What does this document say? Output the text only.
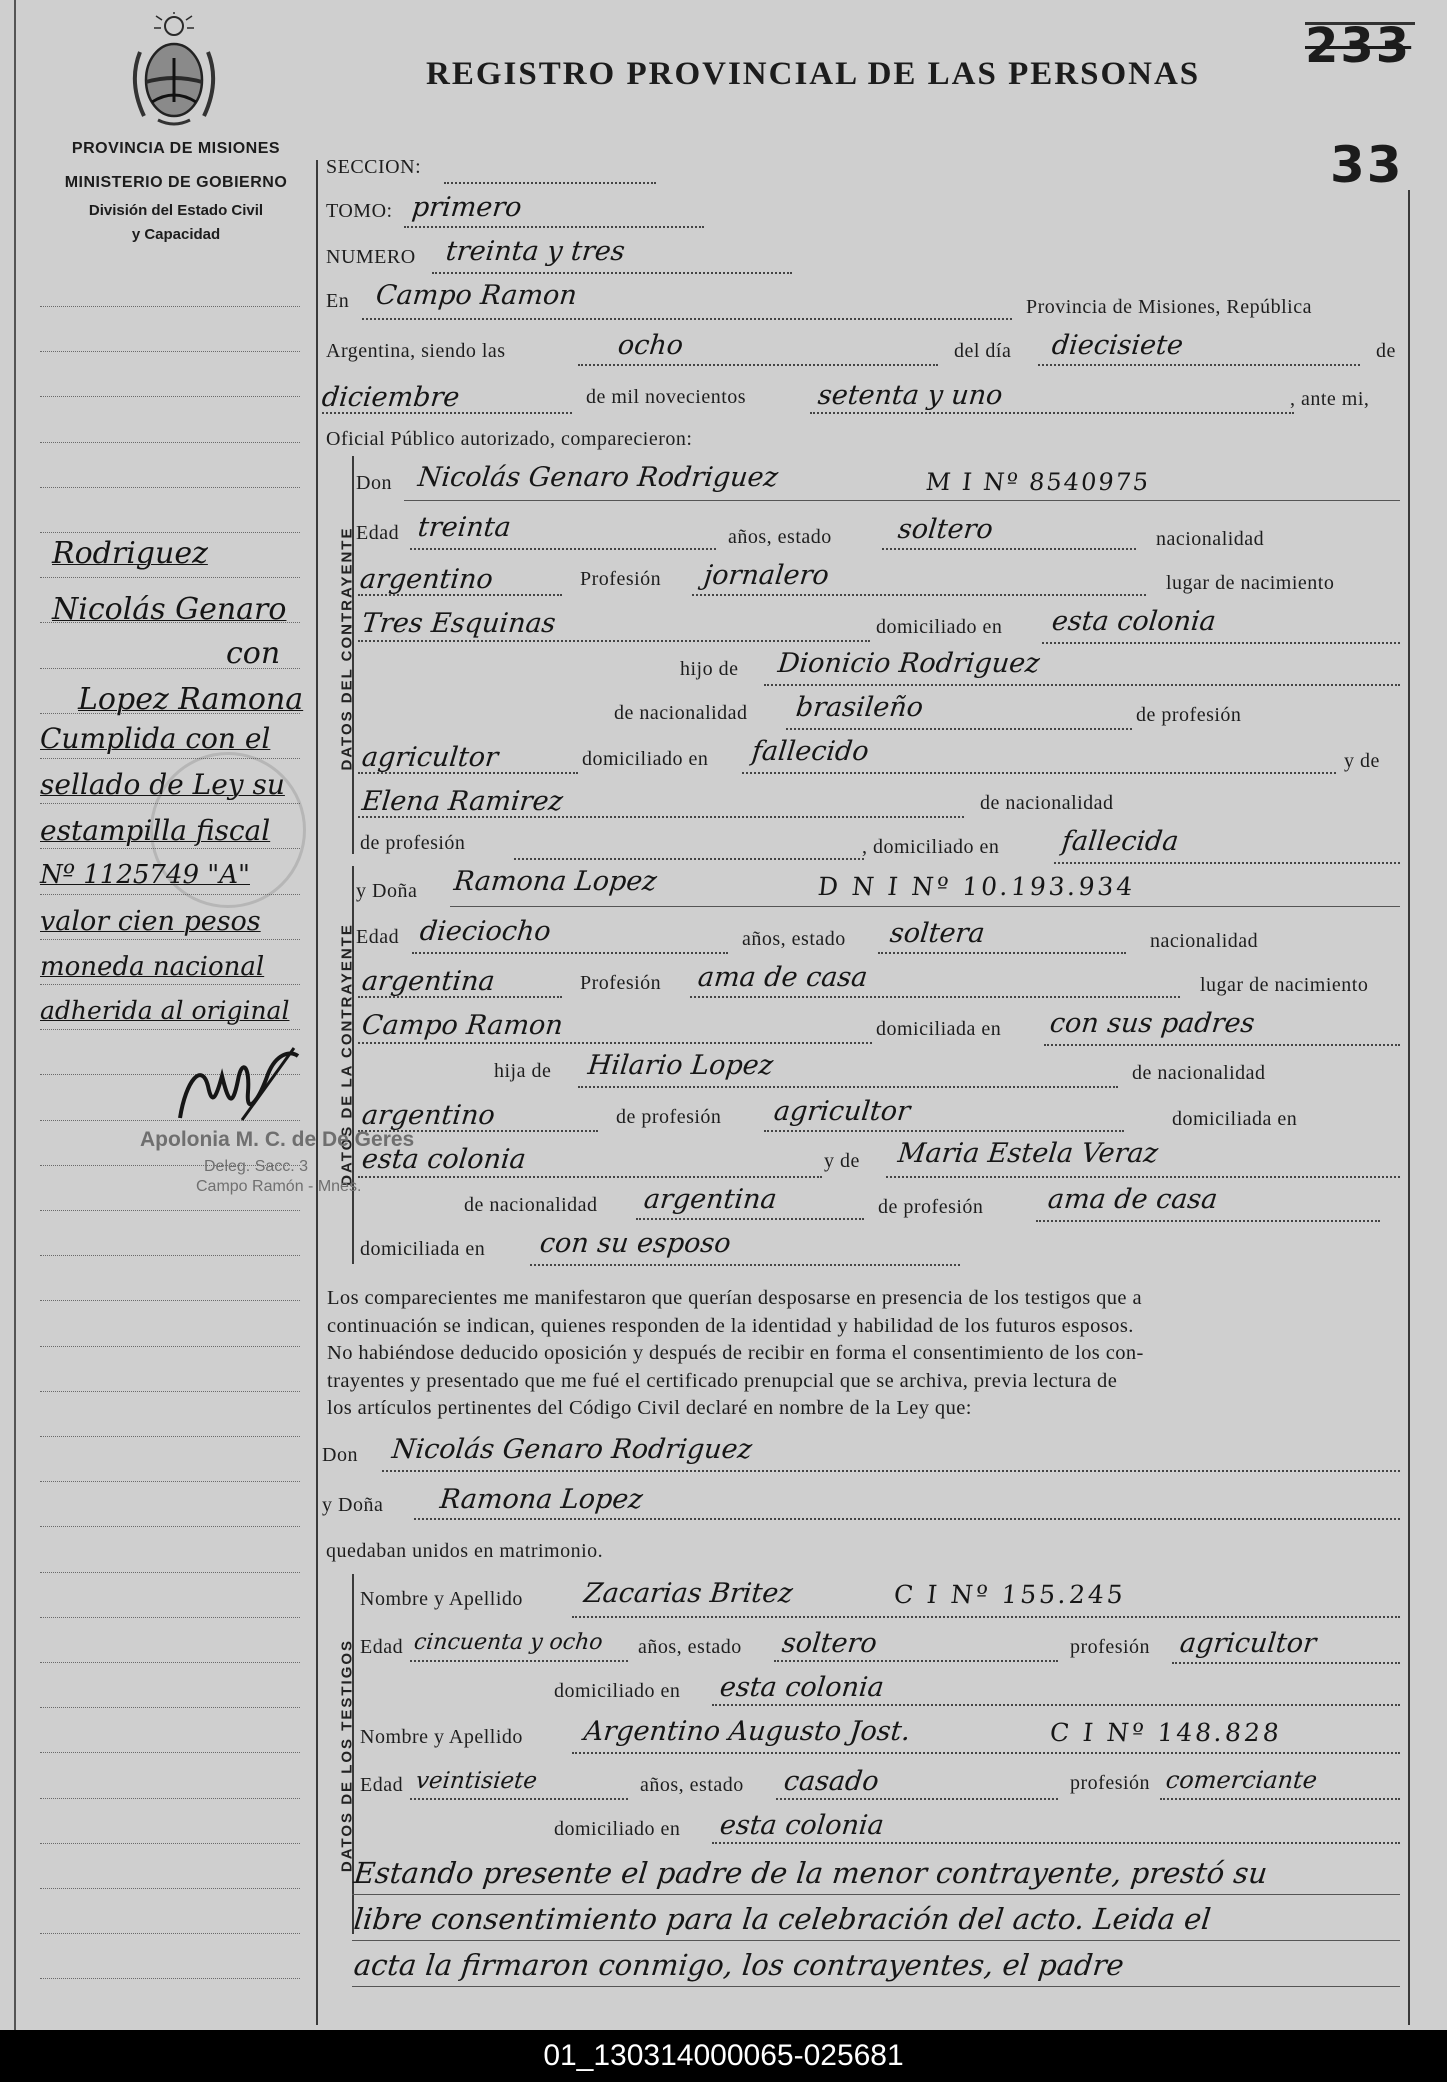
PROVINCIA DE MISIONES
MINISTERIO DE GOBIERNO
División del Estado Civil
y Capacidad
REGISTRO PROVINCIAL DE LAS PERSONAS 233
33
SECCION:
TOMO: primero
NUMERO treinta y tres
En Campo Ramon	Provincia de Misiones, República
Argentina, siendo las	ocho	del día diecisiete	de
diciembre	de mil novecientos	setenta y uno	, ante mi,
Oficial Público autorizado, comparecieron:
DATOS DEL CONTRAYENTE
Don Nicolás Genaro Rodriguez	M I Nº 8540975
Edad treinta	años, estado soltero	nacionalidad
argentino	Profesión jornalero	lugar de nacimiento
Tres Esquinas	domiciliado en esta colonia
hijo de Dionicio Rodriguez
de nacionalidad brasileño	de profesión
agricultor	domiciliado en fallecido	y de
Elena Ramirez	de nacionalidad
de profesión	, domiciliado en fallecida
DATOS DE LA CONTRAYENTE
y Doña Ramona Lopez	D N I Nº 10.193.934
Edad dieciocho	años, estado soltera	nacionalidad
argentina	Profesión ama de casa	lugar de nacimiento
Campo Ramon	domiciliada en con sus padres
hija de Hilario Lopez	de nacionalidad
argentino	de profesión agricultor	domiciliada en
esta colonia	y de Maria Estela Veraz
de nacionalidad argentina	de profesión ama de casa
domiciliada en con su esposo
Los comparecientes me manifestaron que querían desposarse en presencia de los testigos que a
continuación se indican, quienes responden de la identidad y habilidad de los futuros esposos.
No habiéndose deducido oposición y después de recibir en forma el consentimiento de los con-
trayentes y presentado que me fué el certificado prenupcial que se archiva, previa lectura de
los artículos pertinentes del Código Civil declaré en nombre de la Ley que:
Don Nicolás Genaro Rodriguez
y Doña Ramona Lopez
quedaban unidos en matrimonio.
DATOS DE LOS TESTIGOS
Nombre y Apellido Zacarias Britez	C I Nº 155.245
Edad cincuenta y ocho años, estado soltero	profesión agricultor
domiciliado en esta colonia
Nombre y Apellido Argentino Augusto Jost.	C I Nº 148.828
Edad veintisiete	años, estado casado	profesión comerciante
domiciliado en esta colonia
Estando presente el padre de la menor contrayente, prestó su
libre consentimiento para la celebración del acto. Leida el
acta la firmaron conmigo, los contrayentes, el padre
Rodriguez
Nicolás Genaro
con
Lopez Ramona
Cumplida con el
sellado de Ley su
estampilla fiscal
Nº 1125749 "A"
valor cien pesos
moneda nacional
adherida al original
Apolonia M. C. de De Geres
Deleg. Sacc. 3
Campo Ramón - Mnes.
01_130314000065-025681
